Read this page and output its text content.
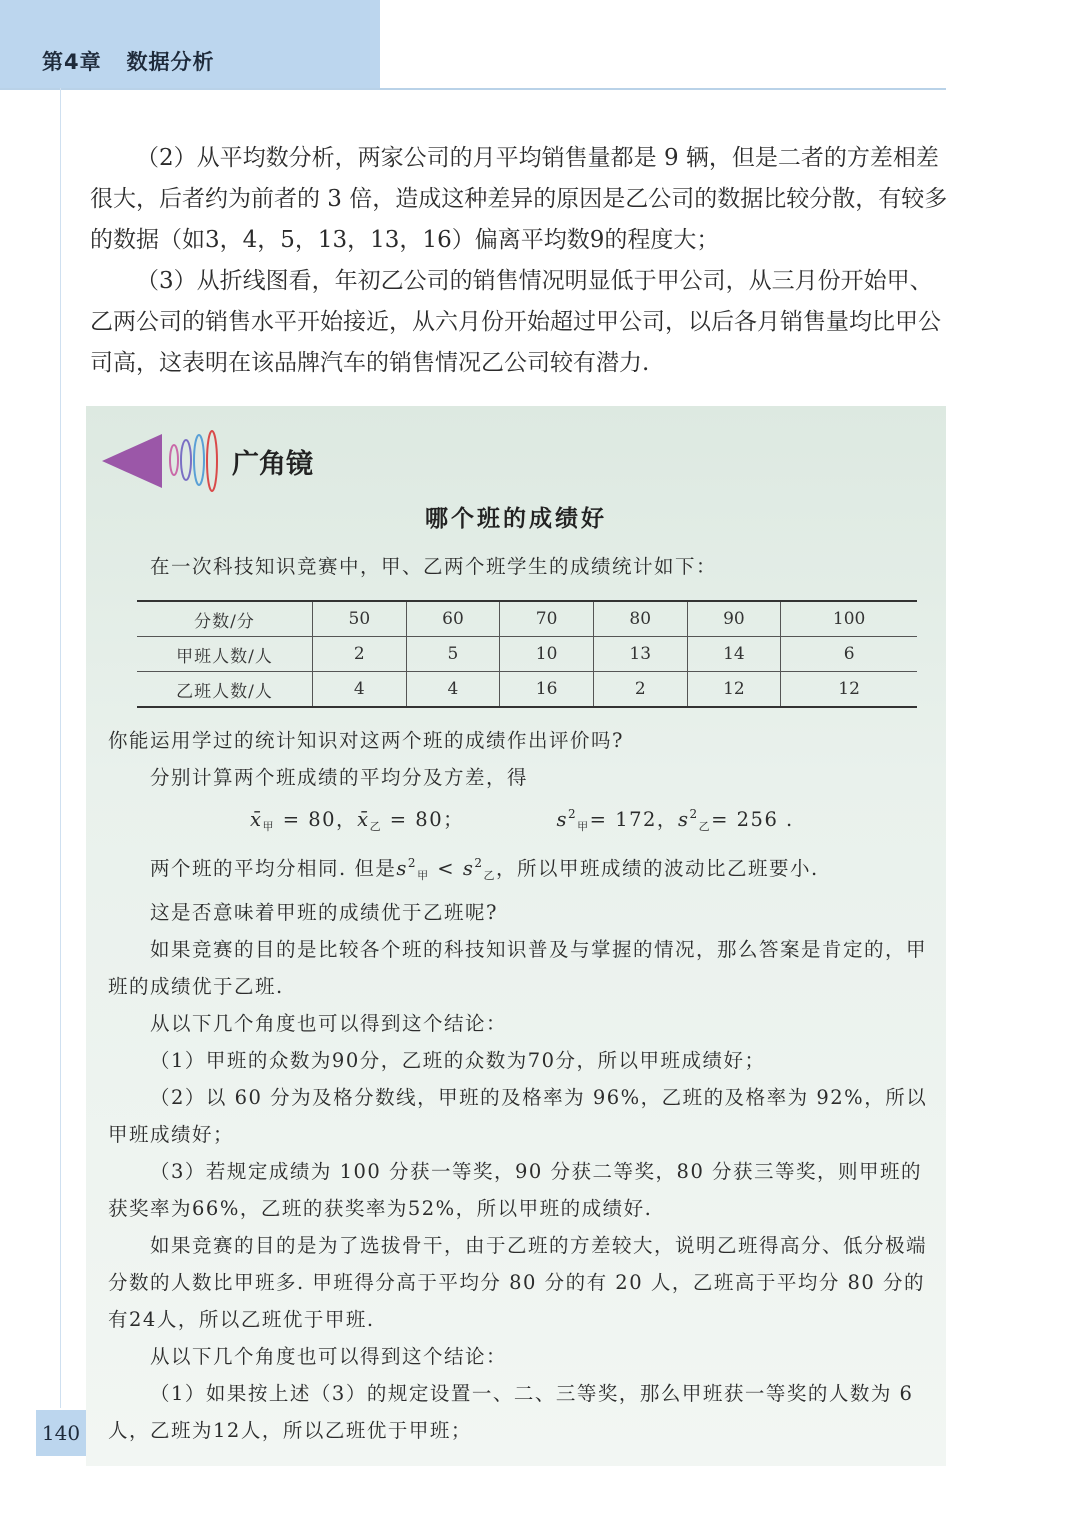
第4章   数据分析

（2）从平均数分析，两家公司的月平均销售量都是 9 辆，但是二者的方差相差很大，后者约为前者的 3 倍，造成这种差异的原因是乙公司的数据比较分散，有较多的数据（如3，4，5，13，13，16）偏离平均数9的程度大；

（3）从折线图看，年初乙公司的销售情况明显低于甲公司，从三月份开始甲、乙两公司的销售水平开始接近，从六月份开始超过甲公司，以后各月销售量均比甲公司高，这表明在该品牌汽车的销售情况乙公司较有潜力.

广角镜
哪个班的成绩好

在一次科技知识竞赛中，甲、乙两个班学生的成绩统计如下：

分数/分	50	60	70	80	90	100
甲班人数/人	2	5	10	13	14	6
乙班人数/人	4	4	16	2	12	12

你能运用学过的统计知识对这两个班的成绩作出评价吗?

分别计算两个班成绩的平均分及方差，得

$x̄_甲 = 80$，$x̄_乙 = 80$；	$s^2_甲= 172$，$s^2_乙= 256$ .

两个班的平均分相同. 但是$s^2_甲 < s^2_乙$，所以甲班成绩的波动比乙班要小.

这是否意味着甲班的成绩优于乙班呢?

如果竞赛的目的是比较各个班的科技知识普及与掌握的情况，那么答案是肯定的，甲班的成绩优于乙班.

从以下几个角度也可以得到这个结论：

（1）甲班的众数为90分，乙班的众数为70分，所以甲班成绩好；

（2）以 60 分为及格分数线，甲班的及格率为 96%，乙班的及格率为 92%，所以甲班成绩好；

（3）若规定成绩为 100 分获一等奖，90 分获二等奖，80 分获三等奖，则甲班的获奖率为66%，乙班的获奖率为52%，所以甲班的成绩好.

如果竞赛的目的是为了选拔骨干，由于乙班的方差较大，说明乙班得高分、低分极端分数的人数比甲班多. 甲班得分高于平均分 80 分的有 20 人，乙班高于平均分 80 分的有24人，所以乙班优于甲班.

从以下几个角度也可以得到这个结论：

（1）如果按上述（3）的规定设置一、二、三等奖，那么甲班获一等奖的人数为 6人，乙班为12人，所以乙班优于甲班；

140
